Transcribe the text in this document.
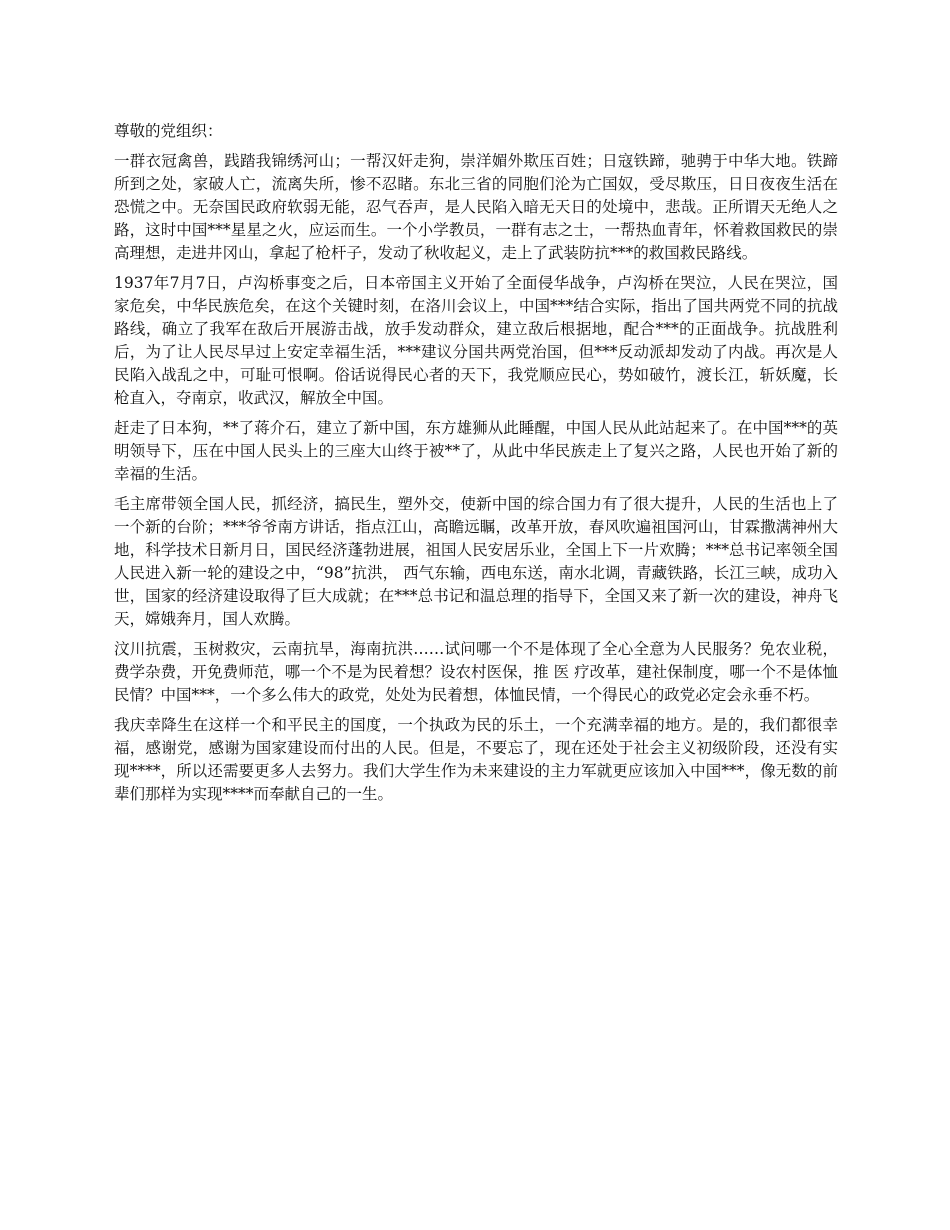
尊敬的党组织：

一群衣冠禽兽，践踏我锦绣河山；一帮汉奸走狗，崇洋媚外欺压百姓；日寇铁蹄，驰骋于中华大地。铁蹄所到之处，家破人亡，流离失所，惨不忍睹。东北三省的同胞们沦为亡国奴，受尽欺压，日日夜夜生活在恐慌之中。无奈国民政府软弱无能，忍气吞声，是人民陷入暗无天日的处境中，悲哉。正所谓天无绝人之路，这时中国***星星之火，应运而生。一个小学教员，一群有志之士，一帮热血青年，怀着救国救民的崇高理想，走进井冈山，拿起了枪杆子，发动了秋收起义，走上了武装防抗***的救国救民路线。

1937年7月7日，卢沟桥事变之后，日本帝国主义开始了全面侵华战争，卢沟桥在哭泣，人民在哭泣，国家危矣，中华民族危矣，在这个关键时刻，在洛川会议上，中国***结合实际，指出了国共两党不同的抗战路线，确立了我军在敌后开展游击战，放手发动群众，建立敌后根据地，配合***的正面战争。抗战胜利后，为了让人民尽早过上安定幸福生活，***建议分国共两党治国，但***反动派却发动了内战。再次是人民陷入战乱之中，可耻可恨啊。俗话说得民心者的天下，我党顺应民心，势如破竹，渡长江，斩妖魔，长枪直入，夺南京，收武汉，解放全中国。

赶走了日本狗，**了蒋介石，建立了新中国，东方雄狮从此睡醒，中国人民从此站起来了。在中国***的英明领导下，压在中国人民头上的三座大山终于被**了，从此中华民族走上了复兴之路，人民也开始了新的幸福的生活。

毛主席带领全国人民，抓经济，搞民生，塑外交，使新中国的综合国力有了很大提升，人民的生活也上了一个新的台阶；***爷爷南方讲话，指点江山，高瞻远瞩，改革开放，春风吹遍祖国河山，甘霖撒满神州大地，科学技术日新月日，国民经济蓬勃进展，祖国人民安居乐业，全国上下一片欢腾；***总书记率领全国人民进入新一轮的建设之中，“98”抗洪， 西气东输，西电东送，南水北调，青藏铁路，长江三峡，成功入世，国家的经济建设取得了巨大成就；在***总书记和温总理的指导下，全国又来了新一次的建设，神舟飞天，嫦娥奔月，国人欢腾。

汶川抗震，玉树救灾，云南抗旱，海南抗洪……试问哪一个不是体现了全心全意为人民服务？免农业税，费学杂费，开免费师范，哪一个不是为民着想？设农村医保，推 医 疗改革，建社保制度，哪一个不是体恤民情？中国***，一个多么伟大的政党，处处为民着想，体恤民情，一个得民心的政党必定会永垂不朽。

我庆幸降生在这样一个和平民主的国度，一个执政为民的乐土，一个充满幸福的地方。是的，我们都很幸福，感谢党，感谢为国家建设而付出的人民。但是，不要忘了，现在还处于社会主义初级阶段，还没有实现****，所以还需要更多人去努力。我们大学生作为未来建设的主力军就更应该加入中国***，像无数的前辈们那样为实现****而奉献自己的一生。
